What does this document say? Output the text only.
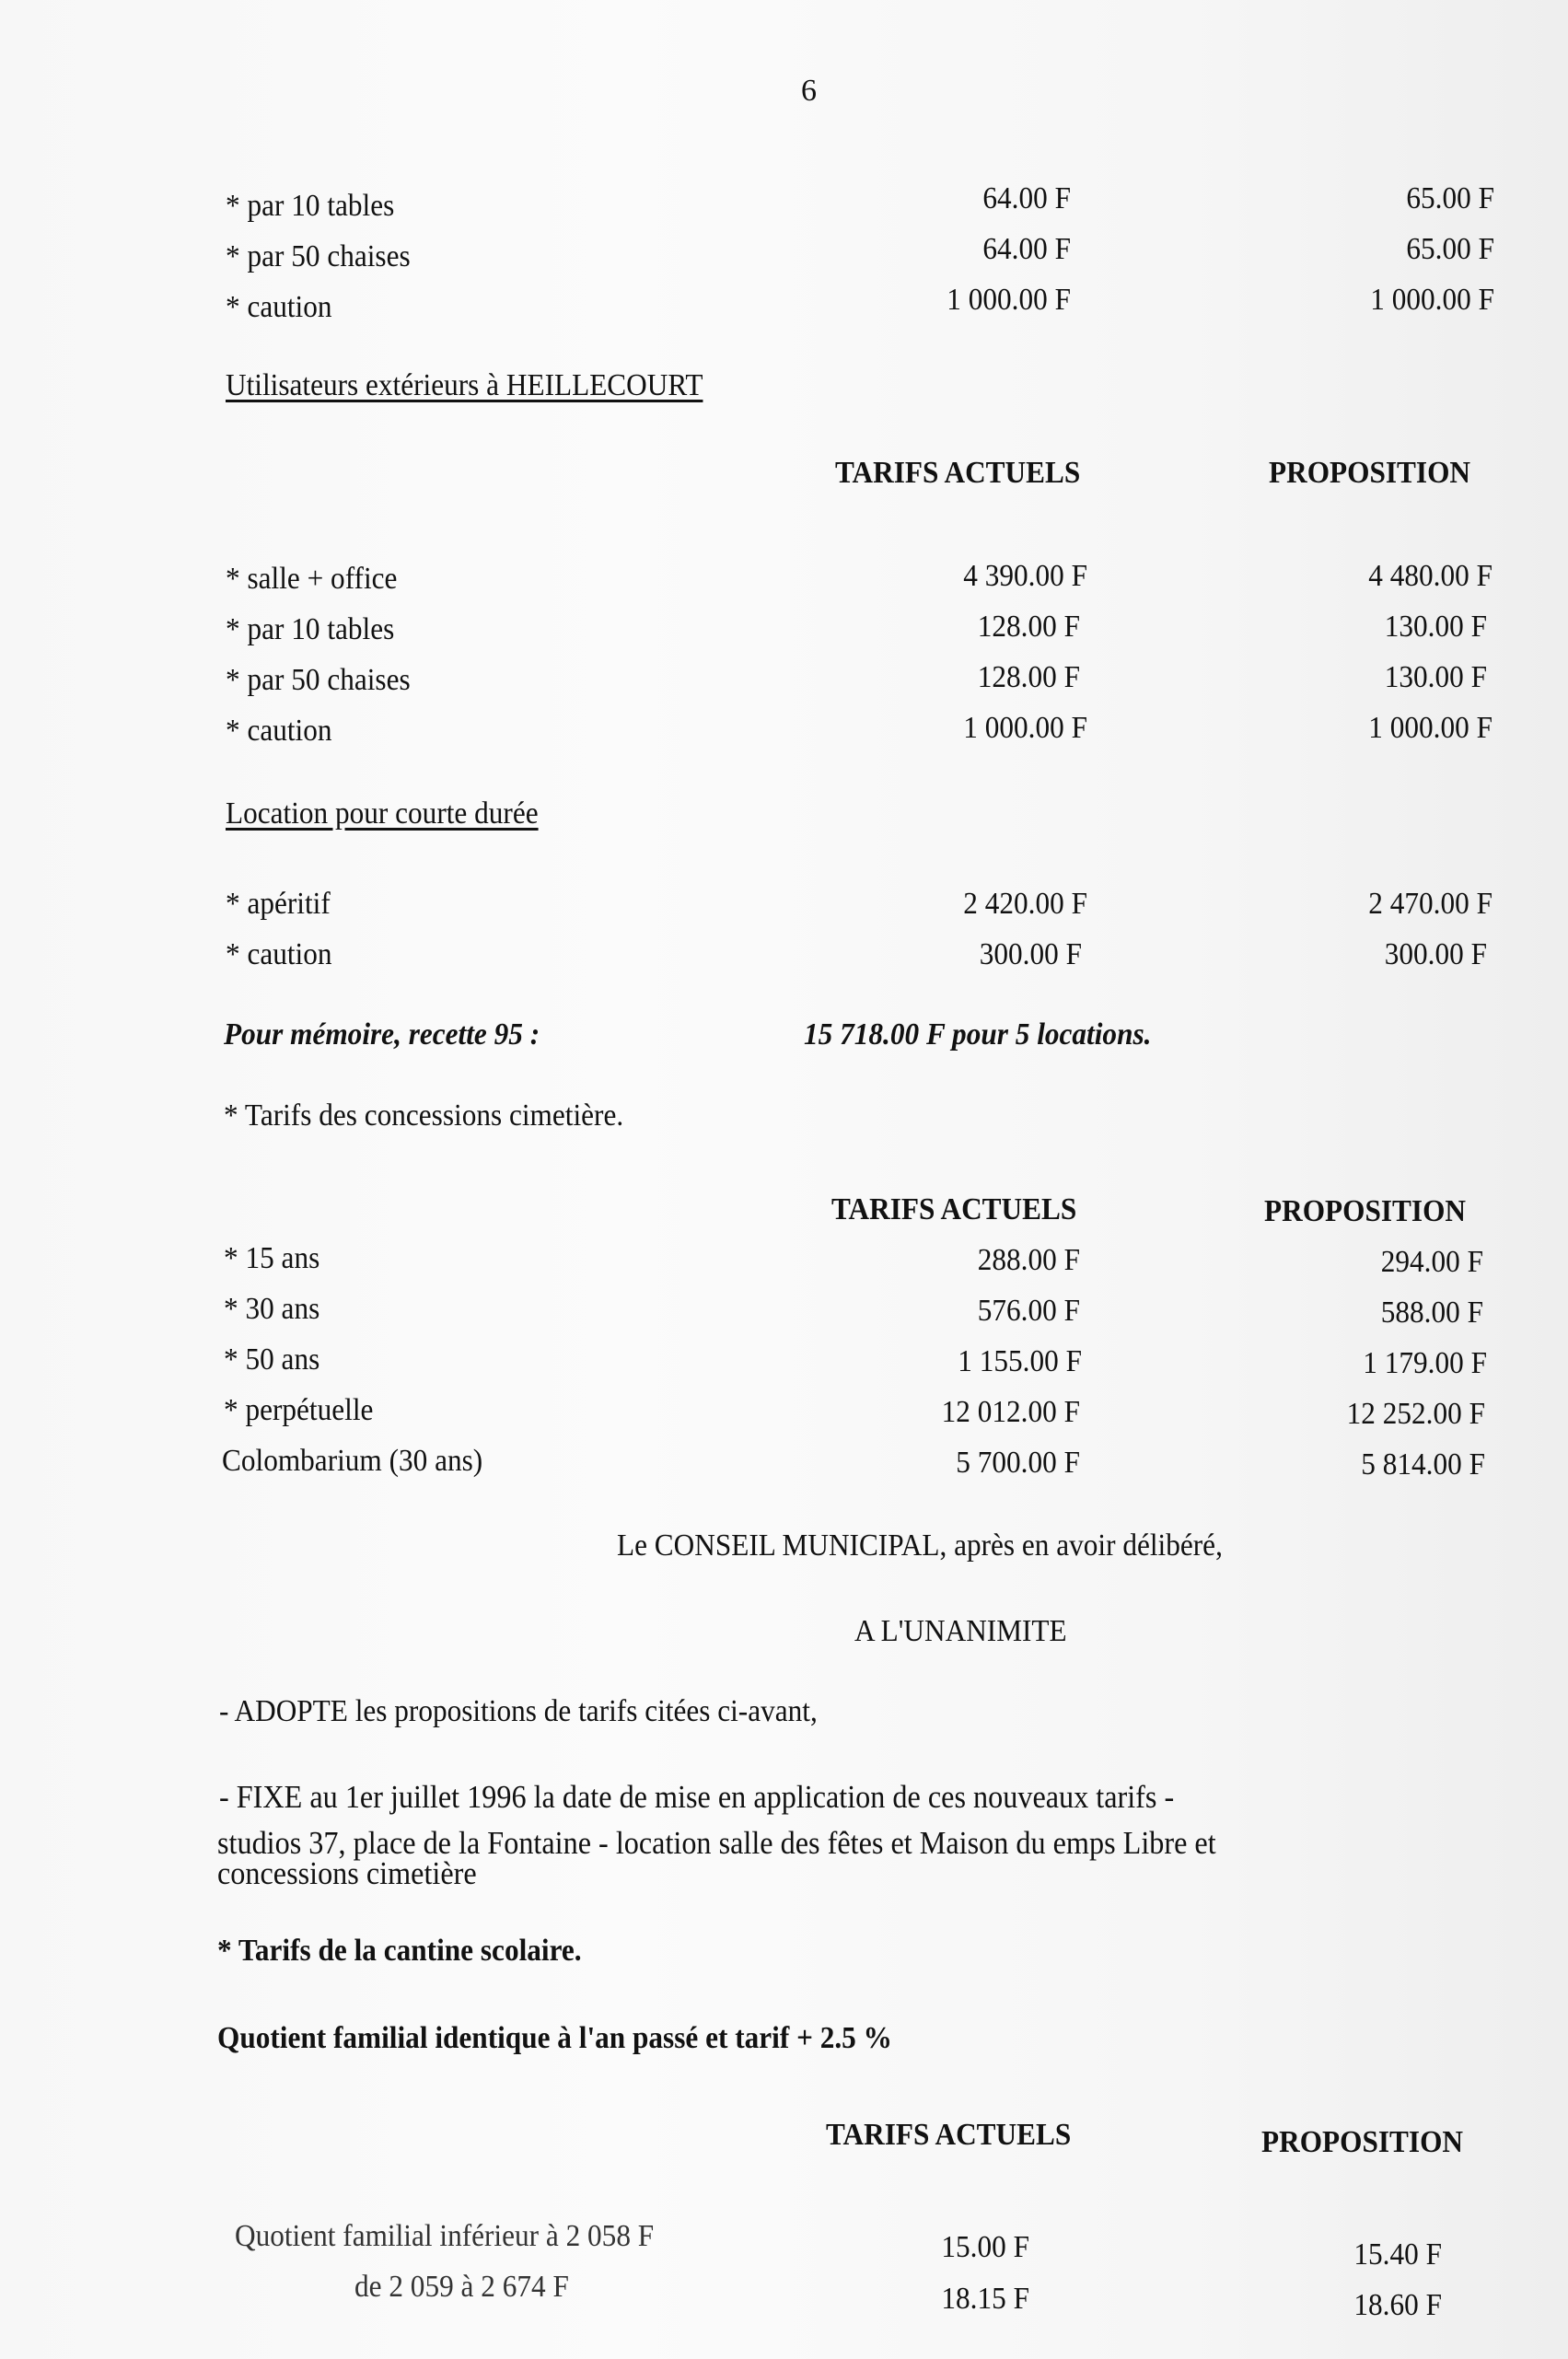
6
* par 10 tables	64.00 F	65.00 F
* par 50 chaises	64.00 F	65.00 F
* caution	1 000.00 F	1 000.00 F
Utilisateurs extérieurs à HEILLECOURT
TARIFS ACTUELS	PROPOSITION
* salle + office	4 390.00 F	4 480.00 F
* par 10 tables	128.00 F	130.00 F
* par 50 chaises	128.00 F	130.00 F
* caution	1 000.00 F	1 000.00 F
Location pour courte durée
* apéritif	2 420.00 F	2 470.00 F
* caution	300.00 F	300.00 F
Pour mémoire, recette 95 :	15 718.00 F pour 5 locations.
* Tarifs des concessions cimetière.
TARIFS ACTUELS	PROPOSITION
* 15 ans	288.00 F	294.00 F
* 30 ans	576.00 F	588.00 F
* 50 ans	1 155.00 F	1 179.00 F
* perpétuelle	12 012.00 F	12 252.00 F
Colombarium (30 ans)	5 700.00 F	5 814.00 F
Le CONSEIL MUNICIPAL, après en avoir délibéré,
A L'UNANIMITE
- ADOPTE les propositions de tarifs citées ci-avant,
- FIXE au 1er juillet 1996 la date de mise en application de ces nouveaux tarifs -
studios 37, place de la Fontaine - location salle des fêtes et Maison du emps Libre et
concessions cimetière
* Tarifs de la cantine scolaire.
Quotient familial identique à l'an passé et tarif + 2.5 %
TARIFS ACTUELS	PROPOSITION
Quotient familial inférieur à 2 058 F	15.00 F	15.40 F
de 2 059 à 2 674 F	18.15 F	18.60 F
